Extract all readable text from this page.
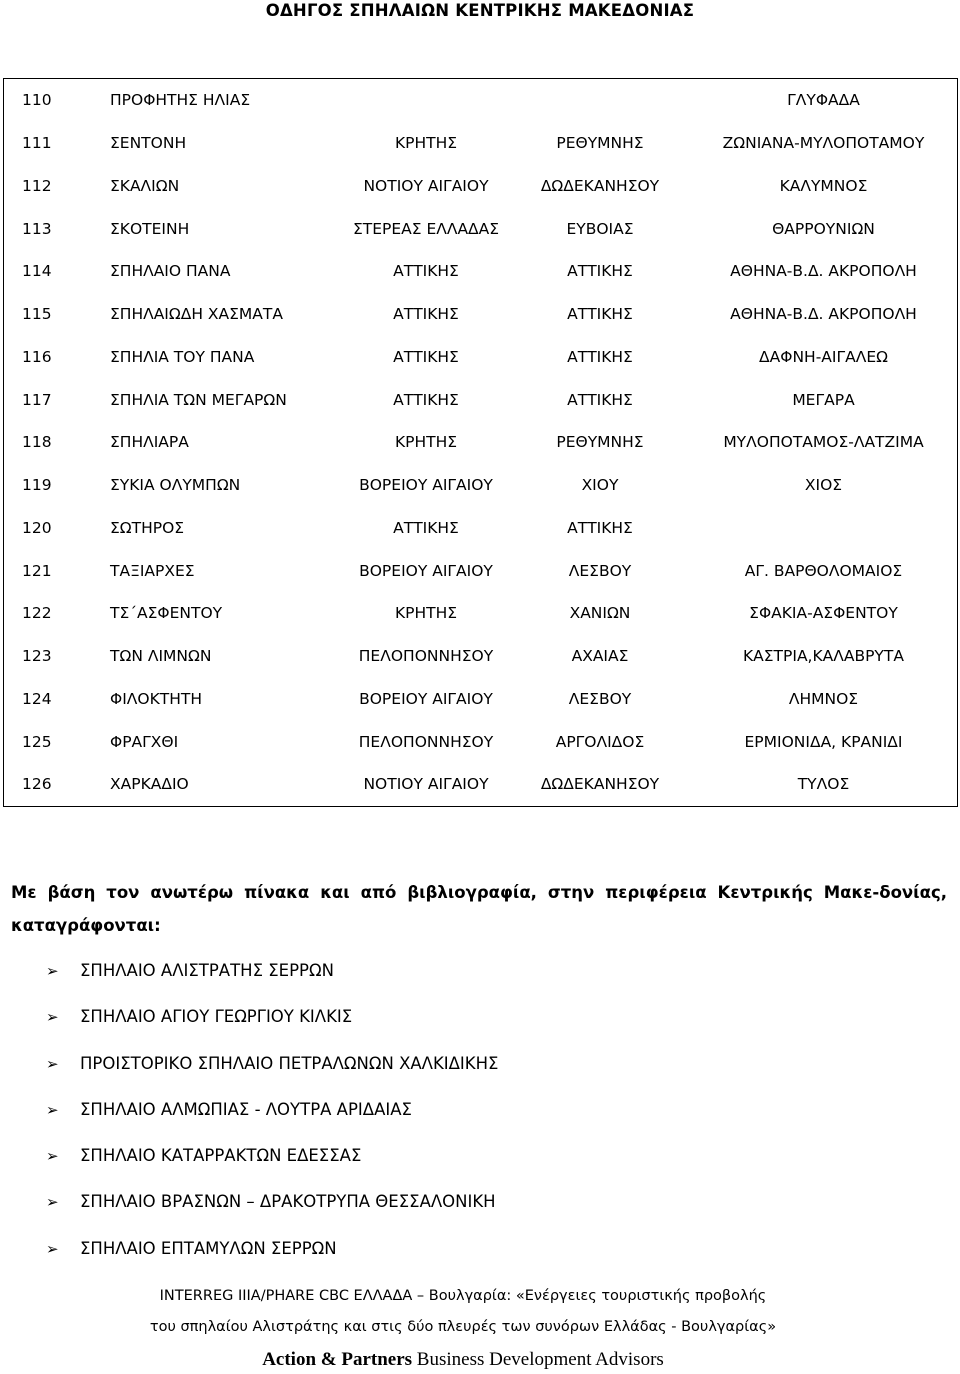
ΟΔΗΓΟΣ ΣΠΗΛΑΙΩΝ ΚΕΝΤΡΙΚΗΣ ΜΑΚΕΔΟΝΙΑΣ
110	ΠΡΟΦΗΤΗΣ ΗΛΙΑΣ			ΓΛΥΦΑΔΑ
111	ΣΕΝΤΟΝΗ	ΚΡΗΤΗΣ	ΡΕΘΥΜΝΗΣ	ΖΩΝΙΑΝΑ-ΜΥΛΟΠΟΤΑΜΟΥ
112	ΣΚΑΛΙΩΝ	ΝΟΤΙΟΥ ΑΙΓΑΙΟΥ	ΔΩΔΕΚΑΝΗΣΟΥ	ΚΑΛΥΜΝΟΣ
113	ΣΚΟΤΕΙΝΗ	ΣΤΕΡΕΑΣ ΕΛΛΑΔΑΣ	ΕΥΒΟΙΑΣ	ΘΑΡΡΟΥΝΙΩΝ
114	ΣΠΗΛΑΙΟ ΠΑΝΑ	ΑΤΤΙΚΗΣ	ΑΤΤΙΚΗΣ	ΑΘΗΝΑ-Β.Δ. ΑΚΡΟΠΟΛΗ
115	ΣΠΗΛΑΙΩΔΗ ΧΑΣΜΑΤΑ	ΑΤΤΙΚΗΣ	ΑΤΤΙΚΗΣ	ΑΘΗΝΑ-Β.Δ. ΑΚΡΟΠΟΛΗ
116	ΣΠΗΛΙΑ ΤΟΥ ΠΑΝΑ	ΑΤΤΙΚΗΣ	ΑΤΤΙΚΗΣ	ΔΑΦΝΗ-ΑΙΓΑΛΕΩ
117	ΣΠΗΛΙΑ ΤΩΝ ΜΕΓΑΡΩΝ	ΑΤΤΙΚΗΣ	ΑΤΤΙΚΗΣ	ΜΕΓΑΡΑ
118	ΣΠΗΛΙΑΡΑ	ΚΡΗΤΗΣ	ΡΕΘΥΜΝΗΣ	ΜΥΛΟΠΟΤΑΜΟΣ-ΛΑΤΖΙΜΑ
119	ΣΥΚΙΑ ΟΛΥΜΠΩΝ	ΒΟΡΕΙΟΥ ΑΙΓΑΙΟΥ	ΧΙΟΥ	ΧΙΟΣ
120	ΣΩΤΗΡΟΣ	ΑΤΤΙΚΗΣ	ΑΤΤΙΚΗΣ	
121	ΤΑΞΙΑΡΧΕΣ	ΒΟΡΕΙΟΥ ΑΙΓΑΙΟΥ	ΛΕΣΒΟΥ	ΑΓ. ΒΑΡΘΟΛΟΜΑΙΟΣ
122	ΤΣ΄ΑΣΦΕΝΤΟΥ	ΚΡΗΤΗΣ	ΧΑΝΙΩΝ	ΣΦΑΚΙΑ-ΑΣΦΕΝΤΟΥ
123	ΤΩΝ ΛΙΜΝΩΝ	ΠΕΛΟΠΟΝΝΗΣΟΥ	ΑΧΑΙΑΣ	ΚΑΣΤΡΙΑ,ΚΑΛΑΒΡΥΤΑ
124	ΦΙΛΟΚΤΗΤΗ	ΒΟΡΕΙΟΥ ΑΙΓΑΙΟΥ	ΛΕΣΒΟΥ	ΛΗΜΝΟΣ
125	ΦΡΑΓΧΘΙ	ΠΕΛΟΠΟΝΝΗΣΟΥ	ΑΡΓΟΛΙΔΟΣ	ΕΡΜΙΟΝΙΔΑ, ΚΡΑΝΙΔΙ
126	ΧΑΡΚΑΔΙΟ	ΝΟΤΙΟΥ ΑΙΓΑΙΟΥ	ΔΩΔΕΚΑΝΗΣΟΥ	ΤΥΛΟΣ
Με βάση τον ανωτέρω πίνακα και από βιβλιογραφία, στην περιφέρεια Κεντρικής Μακε-δονίας, καταγράφονται:
➢ ΣΠΗΛΑΙΟ ΑΛΙΣΤΡΑΤΗΣ ΣΕΡΡΩΝ
➢ ΣΠΗΛΑΙΟ ΑΓΙΟΥ ΓΕΩΡΓΙΟΥ ΚΙΛΚΙΣ
➢ ΠΡΟΙΣΤΟΡΙΚΟ ΣΠΗΛΑΙΟ ΠΕΤΡΑΛΩΝΩΝ ΧΑΛΚΙΔΙΚΗΣ
➢ ΣΠΗΛΑΙΟ ΑΛΜΩΠΙΑΣ - ΛΟΥΤΡΑ ΑΡΙΔΑΙΑΣ
➢ ΣΠΗΛΑΙΟ ΚΑΤΑΡΡΑΚΤΩΝ ΕΔΕΣΣΑΣ
➢ ΣΠΗΛΑΙΟ ΒΡΑΣΝΩΝ – ΔΡΑΚΟΤΡΥΠΑ ΘΕΣΣΑΛΟΝΙΚΗ
➢ ΣΠΗΛΑΙΟ ΕΠΤΑΜΥΛΩΝ ΣΕΡΡΩΝ
INTERREG IIIA/PHARE CBC ΕΛΛΑΔΑ – Βουλγαρία: «Ενέργειες τουριστικής προβολής
του σπηλαίου Αλιστράτης και στις δύο πλευρές των συνόρων Ελλάδας - Βουλγαρίας»
Action & Partners Business Development Advisors
